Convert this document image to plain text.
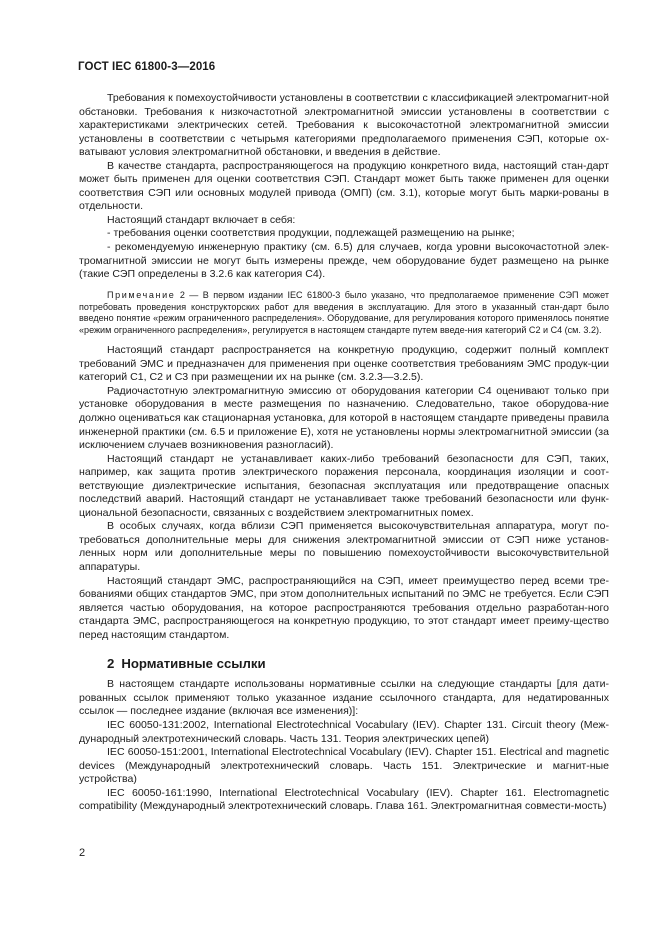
ГОСТ IEC 61800-3—2016

Требования к помехоустойчивости установлены в соответствии с классификацией электромагнит-ной обстановки. Требования к низкочастотной электромагнитной эмиссии установлены в соответствии с характеристиками электрических сетей. Требования к высокочастотной электромагнитной эмиссии установлены в соответствии с четырьмя категориями предполагаемого применения СЭП, которые ох-ватывают условия электромагнитной обстановки, и введения в действие.

В качестве стандарта, распространяющегося на продукцию конкретного вида, настоящий стан-дарт может быть применен для оценки соответствия СЭП. Стандарт может быть также применен для оценки соответствия СЭП или основных модулей привода (ОМП) (см. 3.1), которые могут быть марки-рованы в отдельности.

Настоящий стандарт включает в себя:

- требования оценки соответствия продукции, подлежащей размещению на рынке;

- рекомендуемую инженерную практику (см. 6.5) для случаев, когда уровни высокочастотной элек-тромагнитной эмиссии не могут быть измерены прежде, чем оборудование будет размещено на рынке (такие СЭП определены в 3.2.6 как категория С4).

Примечание 2 — В первом издании IEC 61800-3 было указано, что предполагаемое применение СЭП может потребовать проведения конструкторских работ для введения в эксплуатацию. Для этого в указанный стан-дарт было введено понятие «режим ограниченного распределения». Оборудование, для регулирования которого применялось понятие «режим ограниченного распределения», регулируется в настоящем стандарте путем введе-ния категорий С2 и С4 (см. 3.2).

Настоящий стандарт распространяется на конкретную продукцию, содержит полный комплект требований ЭМС и предназначен для применения при оценке соответствия требованиям ЭМС продук-ции категорий С1, С2 и С3 при размещении их на рынке (см. 3.2.3—3.2.5).

Радиочастотную электромагнитную эмиссию от оборудования категории С4 оценивают только при установке оборудования в месте размещения по назначению. Следовательно, такое оборудова-ние должно оцениваться как стационарная установка, для которой в настоящем стандарте приведены правила инженерной практики (см. 6.5 и приложение Е), хотя не установлены нормы электромагнитной эмиссии (за исключением случаев возникновения разногласий).

Настоящий стандарт не устанавливает каких-либо требований безопасности для СЭП, таких, например, как защита против электрического поражения персонала, координация изоляции и соот-ветствующие диэлектрические испытания, безопасная эксплуатация или предотвращение опасных последствий аварий. Настоящий стандарт не устанавливает также требований безопасности или функ-циональной безопасности, связанных с воздействием электромагнитных помех.

В особых случаях, когда вблизи СЭП применяется высокочувствительная аппаратура, могут по-требоваться дополнительные меры для снижения электромагнитной эмиссии от СЭП ниже установ-ленных норм или дополнительные меры по повышению помехоустойчивости высокочувствительной аппаратуры.

Настоящий стандарт ЭМС, распространяющийся на СЭП, имеет преимущество перед всеми тре-бованиями общих стандартов ЭМС, при этом дополнительных испытаний по ЭМС не требуется. Если СЭП является частью оборудования, на которое распространяются требования отдельно разработан-ного стандарта ЭМС, распространяющегося на конкретную продукцию, то этот стандарт имеет преиму-щество перед настоящим стандартом.

2 Нормативные ссылки

В настоящем стандарте использованы нормативные ссылки на следующие стандарты [для дати-рованных ссылок применяют только указанное издание ссылочного стандарта, для недатированных ссылок — последнее издание (включая все изменения)]:

IEC 60050-131:2002, International Electrotechnical Vocabulary (IEV). Chapter 131. Circuit theory (Меж-дународный электротехнический словарь. Часть 131. Теория электрических цепей)

IEC 60050-151:2001, International Electrotechnical Vocabulary (IEV). Chapter 151. Electrical and magnetic devices (Международный электротехнический словарь. Часть 151. Электрические и магнит-ные устройства)

IEC 60050-161:1990, International Electrotechnical Vocabulary (IEV). Chapter 161. Electromagnetic compatibility (Международный электротехнический словарь. Глава 161. Электромагнитная совмести-мость)

2
